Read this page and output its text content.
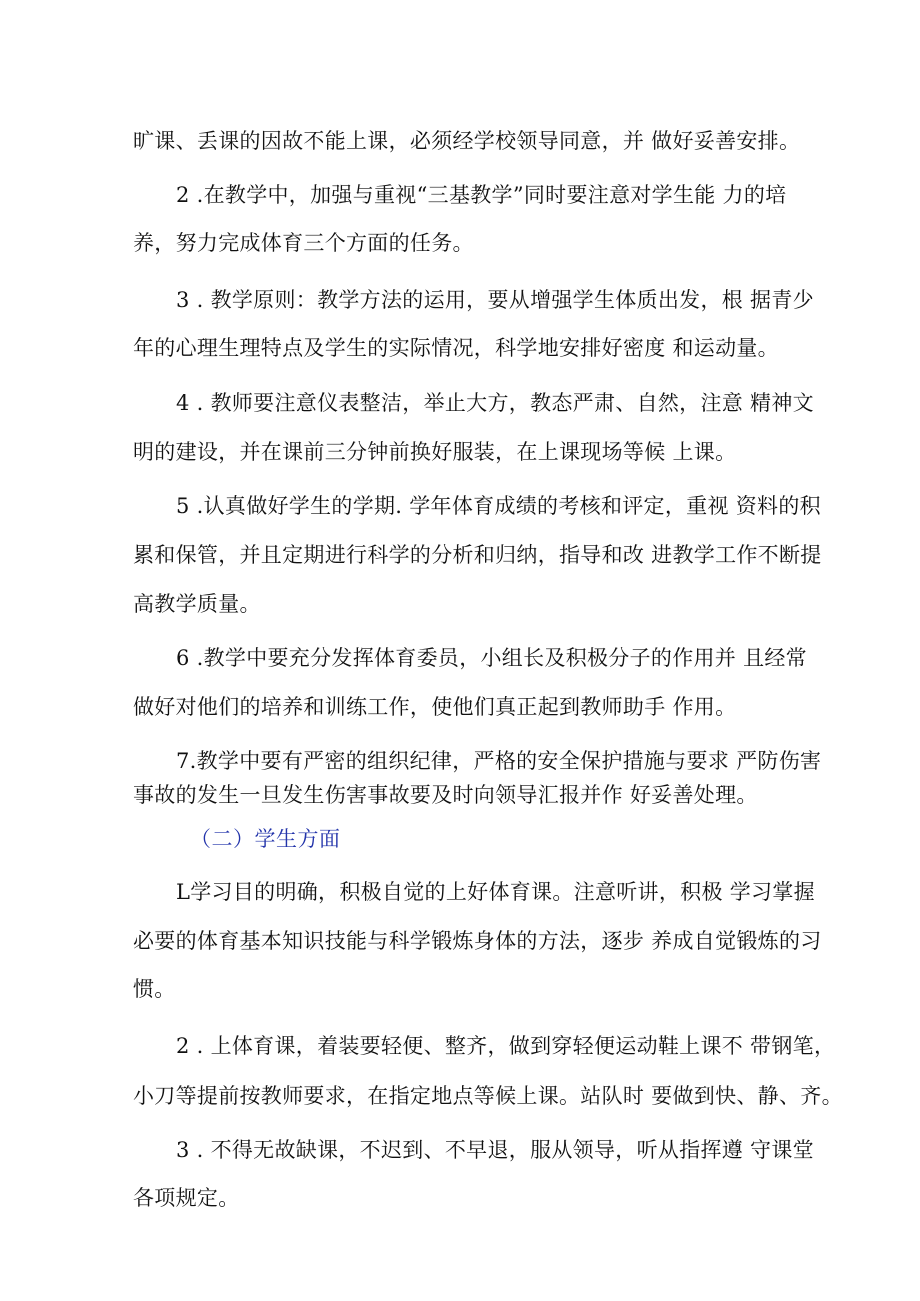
旷课、丢课的因故不能上课，必须经学校领导同意，并 做好妥善安排。
2 .在教学中，加强与重视“三基教学”同时要注意对学生能 力的培
养，努力完成体育三个方面的任务。
3 . 教学原则：教学方法的运用，要从增强学生体质出发，根 据青少
年的心理生理特点及学生的实际情况，科学地安排好密度 和运动量。
4 . 教师要注意仪表整洁，举止大方，教态严肃、自然，注意 精神文
明的建设，并在课前三分钟前换好服装，在上课现场等候 上课。
5 .认真做好学生的学期. 学年体育成绩的考核和评定，重视 资料的积
累和保管，并且定期进行科学的分析和归纳，指导和改 进教学工作不断提
高教学质量。
6 .教学中要充分发挥体育委员，小组长及积极分子的作用并 且经常
做好对他们的培养和训练工作，使他们真正起到教师助手 作用。
7.教学中要有严密的组织纪律，严格的安全保护措施与要求 严防伤害
事故的发生一旦发生伤害事故要及时向领导汇报并作 好妥善处理。
（二）学生方面
L学习目的明确，积极自觉的上好体育课。注意听讲，积极 学习掌握
必要的体育基本知识技能与科学锻炼身体的方法，逐步 养成自觉锻炼的习
惯。
2 . 上体育课，着装要轻便、整齐，做到穿轻便运动鞋上课不 带钢笔，
小刀等提前按教师要求，在指定地点等候上课。站队时 要做到快、静、齐。
3 . 不得无故缺课，不迟到、不早退，服从领导，听从指挥遵 守课堂
各项规定。
